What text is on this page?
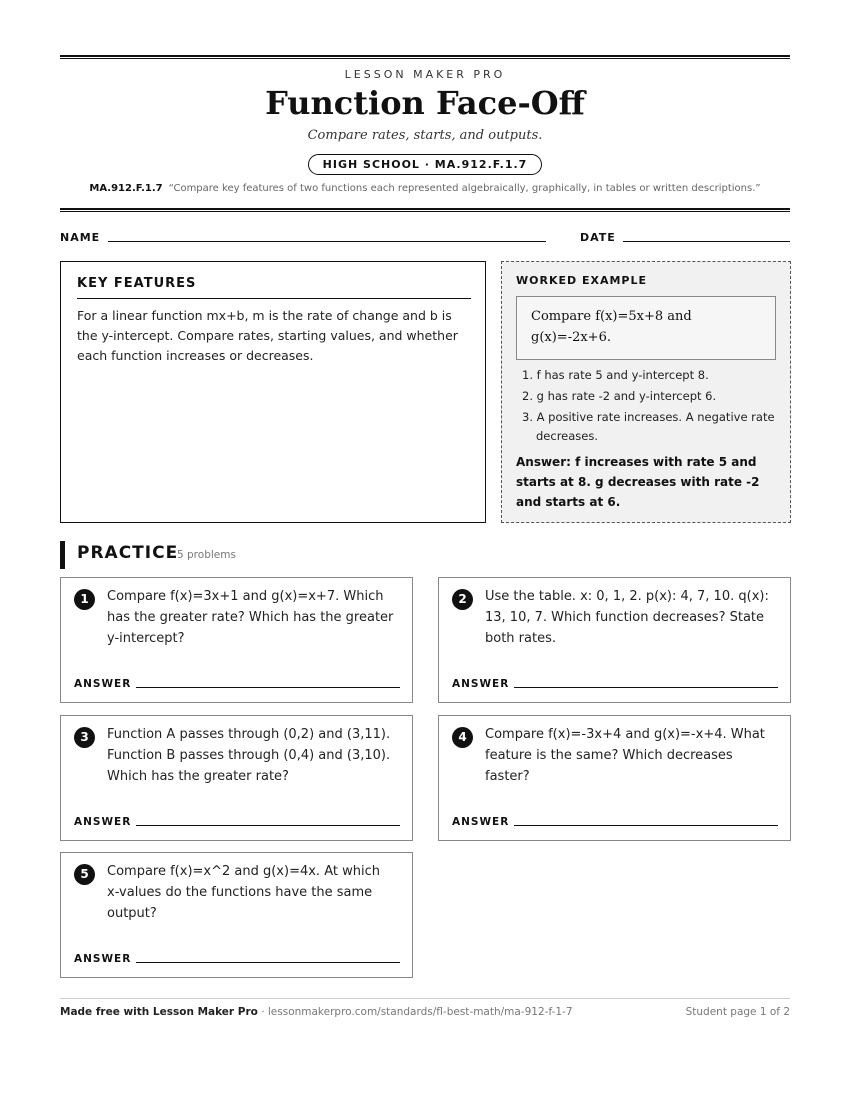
LESSON MAKER PRO
Function Face-Off
Compare rates, starts, and outputs.
HIGH SCHOOL · MA.912.F.1.7
MA.912.F.1.7 “Compare key features of two functions each represented algebraically, graphically, in tables or written descriptions.”
NAME	DATE
KEY FEATURES
For a linear function mx+b, m is the rate of change and b is the y-intercept. Compare rates, starting values, and whether each function increases or decreases.
WORKED EXAMPLE
Compare f(x)=5x+8 and g(x)=-2x+6.
1. f has rate 5 and y-intercept 8.
2. g has rate -2 and y-intercept 6.
3. A positive rate increases. A negative rate decreases.
Answer: f increases with rate 5 and starts at 8. g decreases with rate -2 and starts at 6.
PRACTICE
5 problems
1	Compare f(x)=3x+1 and g(x)=x+7. Which has the greater rate? Which has the greater y-intercept?
ANSWER
2	Use the table. x: 0, 1, 2. p(x): 4, 7, 10. q(x): 13, 10, 7. Which function decreases? State both rates.
ANSWER
3	Function A passes through (0,2) and (3,11). Function B passes through (0,4) and (3,10). Which has the greater rate?
ANSWER
4	Compare f(x)=-3x+4 and g(x)=-x+4. What feature is the same? Which decreases faster?
ANSWER
5	Compare f(x)=x^2 and g(x)=4x. At which x-values do the functions have the same output?
ANSWER
Made free with Lesson Maker Pro · lessonmakerpro.com/standards/fl-best-math/ma-912-f-1-7	Student page 1 of 2
